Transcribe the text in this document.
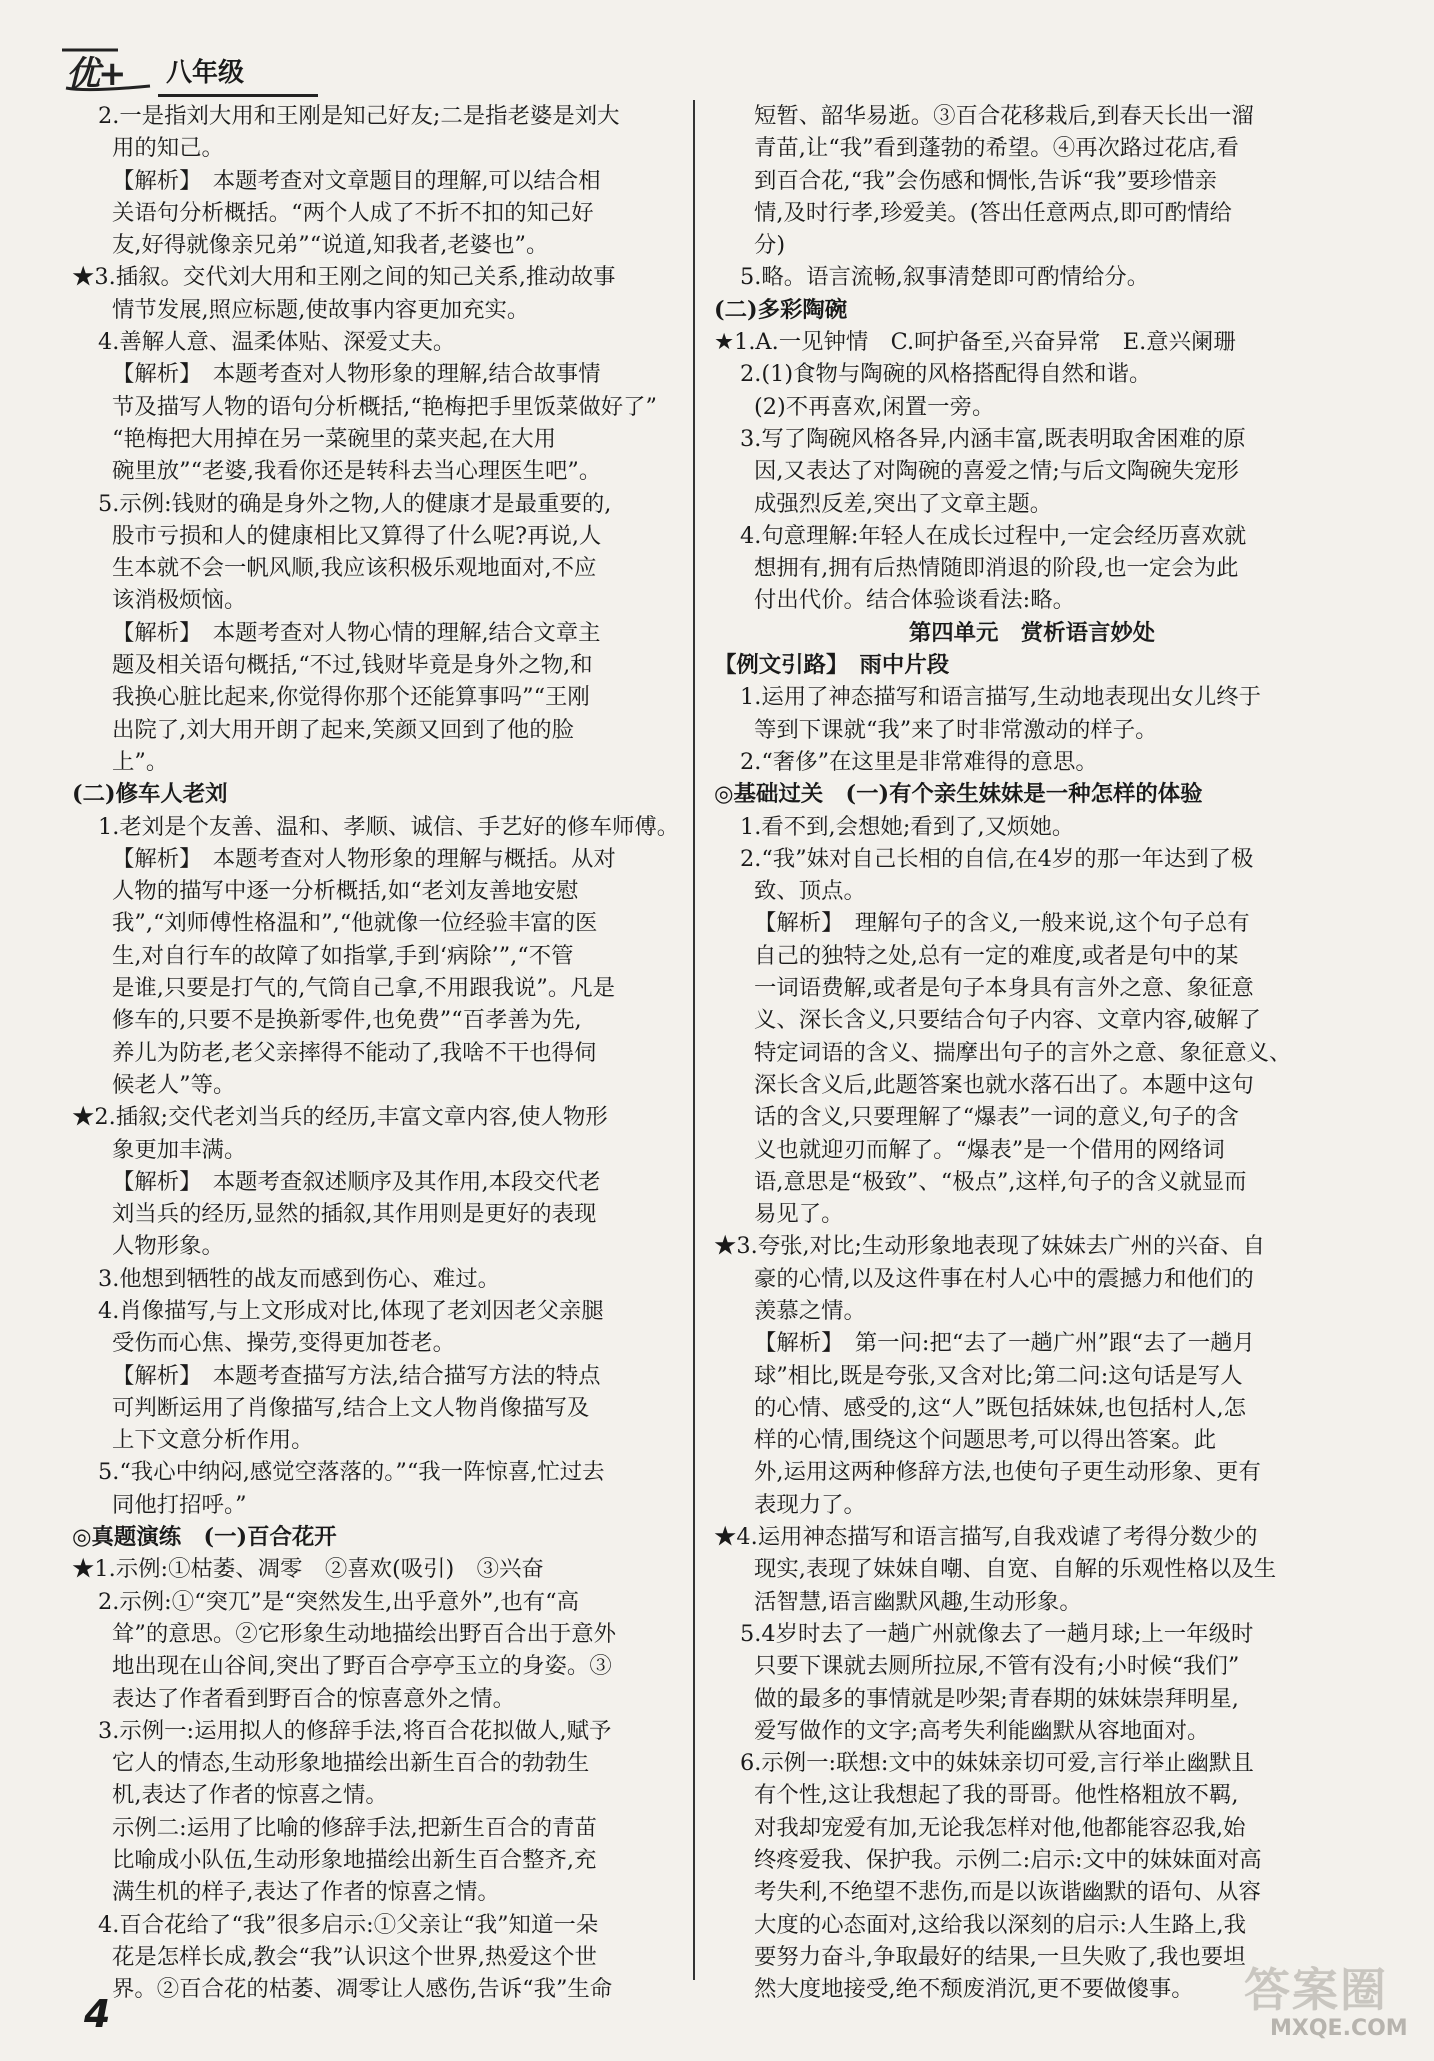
优+ 八年级
2.一是指刘大用和王刚是知己好友;二是指老婆是刘大
用的知己。
【解析】　本题考查对文章题目的理解,可以结合相
关语句分析概括。“两个人成了不折不扣的知己好
友,好得就像亲兄弟”“说道,知我者,老婆也”。
★3.插叙。交代刘大用和王刚之间的知己关系,推动故事
情节发展,照应标题,使故事内容更加充实。
4.善解人意、温柔体贴、深爱丈夫。
【解析】　本题考查对人物形象的理解,结合故事情
节及描写人物的语句分析概括,“艳梅把手里饭菜做好了”
“艳梅把大用掉在另一菜碗里的菜夹起,在大用
碗里放”“老婆,我看你还是转科去当心理医生吧”。
5.示例:钱财的确是身外之物,人的健康才是最重要的,
股市亏损和人的健康相比又算得了什么呢?再说,人
生本就不会一帆风顺,我应该积极乐观地面对,不应
该消极烦恼。
【解析】　本题考查对人物心情的理解,结合文章主
题及相关语句概括,“不过,钱财毕竟是身外之物,和
我换心脏比起来,你觉得你那个还能算事吗”“王刚
出院了,刘大用开朗了起来,笑颜又回到了他的脸
上”。
(二)修车人老刘
1.老刘是个友善、温和、孝顺、诚信、手艺好的修车师傅。
【解析】　本题考查对人物形象的理解与概括。从对
人物的描写中逐一分析概括,如“老刘友善地安慰
我”,“刘师傅性格温和”,“他就像一位经验丰富的医
生,对自行车的故障了如指掌,手到‘病除’”,“不管
是谁,只要是打气的,气筒自己拿,不用跟我说”。凡是
修车的,只要不是换新零件,也免费”“百孝善为先,
养儿为防老,老父亲摔得不能动了,我啥不干也得伺
候老人”等。
★2.插叙;交代老刘当兵的经历,丰富文章内容,使人物形
象更加丰满。
【解析】　本题考查叙述顺序及其作用,本段交代老
刘当兵的经历,显然的插叙,其作用则是更好的表现
人物形象。
3.他想到牺牲的战友而感到伤心、难过。
4.肖像描写,与上文形成对比,体现了老刘因老父亲腿
受伤而心焦、操劳,变得更加苍老。
【解析】　本题考查描写方法,结合描写方法的特点
可判断运用了肖像描写,结合上文人物肖像描写及
上下文意分析作用。
5.“我心中纳闷,感觉空落落的。”“我一阵惊喜,忙过去
同他打招呼。”
◎真题演练　(一)百合花开
★1.示例:①枯萎、凋零　②喜欢(吸引)　③兴奋
2.示例:①“突兀”是“突然发生,出乎意外”,也有“高
耸”的意思。②它形象生动地描绘出野百合出于意外
地出现在山谷间,突出了野百合亭亭玉立的身姿。③
表达了作者看到野百合的惊喜意外之情。
3.示例一:运用拟人的修辞手法,将百合花拟做人,赋予
它人的情态,生动形象地描绘出新生百合的勃勃生
机,表达了作者的惊喜之情。
示例二:运用了比喻的修辞手法,把新生百合的青苗
比喻成小队伍,生动形象地描绘出新生百合整齐,充
满生机的样子,表达了作者的惊喜之情。
4.百合花给了“我”很多启示:①父亲让“我”知道一朵
花是怎样长成,教会“我”认识这个世界,热爱这个世
界。②百合花的枯萎、凋零让人感伤,告诉“我”生命
短暂、韶华易逝。③百合花移栽后,到春天长出一溜
青苗,让“我”看到蓬勃的希望。④再次路过花店,看
到百合花,“我”会伤感和惆怅,告诉“我”要珍惜亲
情,及时行孝,珍爱美。(答出任意两点,即可酌情给
分)
5.略。语言流畅,叙事清楚即可酌情给分。
(二)多彩陶碗
★1.A.一见钟情　C.呵护备至,兴奋异常　E.意兴阑珊
2.(1)食物与陶碗的风格搭配得自然和谐。
(2)不再喜欢,闲置一旁。
3.写了陶碗风格各异,内涵丰富,既表明取舍困难的原
因,又表达了对陶碗的喜爱之情;与后文陶碗失宠形
成强烈反差,突出了文章主题。
4.句意理解:年轻人在成长过程中,一定会经历喜欢就
想拥有,拥有后热情随即消退的阶段,也一定会为此
付出代价。结合体验谈看法:略。
第四单元　赏析语言妙处
【例文引路】　雨中片段
1.运用了神态描写和语言描写,生动地表现出女儿终于
等到下课就“我”来了时非常激动的样子。
2.“奢侈”在这里是非常难得的意思。
◎基础过关　(一)有个亲生妹妹是一种怎样的体验
1.看不到,会想她;看到了,又烦她。
2.“我”妹对自己长相的自信,在4岁的那一年达到了极
致、顶点。
【解析】　理解句子的含义,一般来说,这个句子总有
自己的独特之处,总有一定的难度,或者是句中的某
一词语费解,或者是句子本身具有言外之意、象征意
义、深长含义,只要结合句子内容、文章内容,破解了
特定词语的含义、揣摩出句子的言外之意、象征意义、
深长含义后,此题答案也就水落石出了。本题中这句
话的含义,只要理解了“爆表”一词的意义,句子的含
义也就迎刃而解了。“爆表”是一个借用的网络词
语,意思是“极致”、“极点”,这样,句子的含义就显而
易见了。
★3.夸张,对比;生动形象地表现了妹妹去广州的兴奋、自
豪的心情,以及这件事在村人心中的震撼力和他们的
羡慕之情。
【解析】　第一问:把“去了一趟广州”跟“去了一趟月
球”相比,既是夸张,又含对比;第二问:这句话是写人
的心情、感受的,这“人”既包括妹妹,也包括村人,怎
样的心情,围绕这个问题思考,可以得出答案。此
外,运用这两种修辞方法,也使句子更生动形象、更有
表现力了。
★4.运用神态描写和语言描写,自我戏谑了考得分数少的
现实,表现了妹妹自嘲、自宽、自解的乐观性格以及生
活智慧,语言幽默风趣,生动形象。
5.4岁时去了一趟广州就像去了一趟月球;上一年级时
只要下课就去厕所拉尿,不管有没有;小时候“我们”
做的最多的事情就是吵架;青春期的妹妹崇拜明星,
爱写做作的文字;高考失利能幽默从容地面对。
6.示例一:联想:文中的妹妹亲切可爱,言行举止幽默且
有个性,这让我想起了我的哥哥。他性格粗放不羁,
对我却宠爱有加,无论我怎样对他,他都能容忍我,始
终疼爱我、保护我。示例二:启示:文中的妹妹面对高
考失利,不绝望不悲伤,而是以诙谐幽默的语句、从容
大度的心态面对,这给我以深刻的启示:人生路上,我
要努力奋斗,争取最好的结果,一旦失败了,我也要坦
然大度地接受,绝不颓废消沉,更不要做傻事。
4	答案圈
MXQE.COM
